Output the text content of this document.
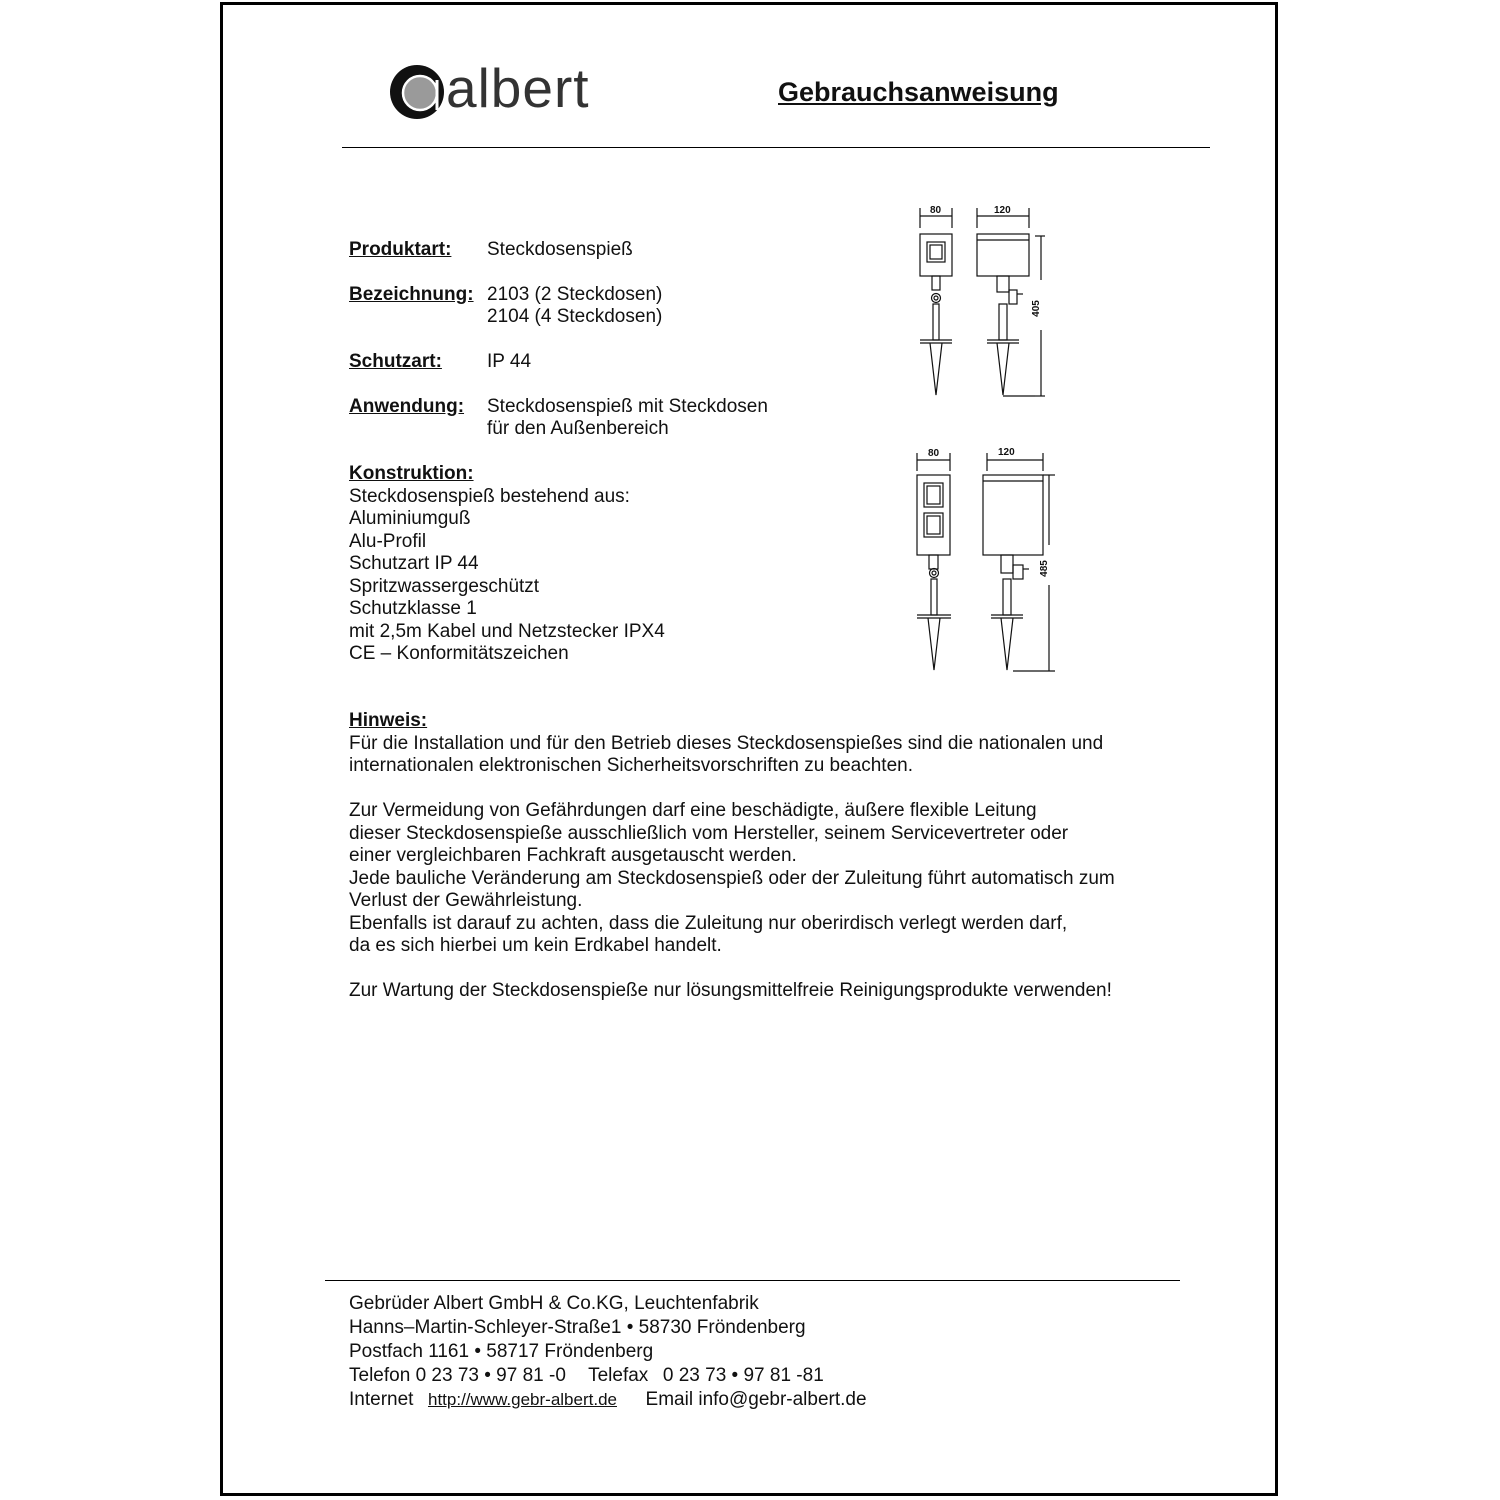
albert	Gebrauchsanweisung
Produktart: Steckdosenspieß
Bezeichnung: 2103 (2 Steckdosen)
2104 (4 Steckdosen)
Schutzart: IP 44
Anwendung: Steckdosenspieß mit Steckdosen
für den Außenbereich
Konstruktion:
Steckdosenspieß bestehend aus:
Aluminiumguß
Alu-Profil
Schutzart IP 44
Spritzwassergeschützt
Schutzklasse 1
mit 2,5m Kabel und Netzstecker IPX4
CE – Konformitätszeichen
Hinweis:
Für die Installation und für den Betrieb dieses Steckdosenspießes sind die nationalen und
internationalen elektronischen Sicherheitsvorschriften zu beachten.
Zur Vermeidung von Gefährdungen darf eine beschädigte, äußere flexible Leitung
dieser Steckdosenspieße ausschließlich vom Hersteller, seinem Servicevertreter oder
einer vergleichbaren Fachkraft ausgetauscht werden.
Jede bauliche Veränderung am Steckdosenspieß oder der Zuleitung führt automatisch zum
Verlust der Gewährleistung.
Ebenfalls ist darauf zu achten, dass die Zuleitung nur oberirdisch verlegt werden darf,
da es sich hierbei um kein Erdkabel handelt.
Zur Wartung der Steckdosenspieße nur lösungsmittelfreie Reinigungsprodukte verwenden!
80	120
405
80	120
485
Gebrüder Albert GmbH & Co.KG, Leuchtenfabrik
Hanns–Martin-Schleyer-Straße1 • 58730 Fröndenberg
Postfach 1161 • 58717 Fröndenberg
Telefon 0 23 73 • 97 81 -0 Telefax 0 23 73 • 97 81 -81
Internet http://www.gebr-albert.de Email info@gebr-albert.de
